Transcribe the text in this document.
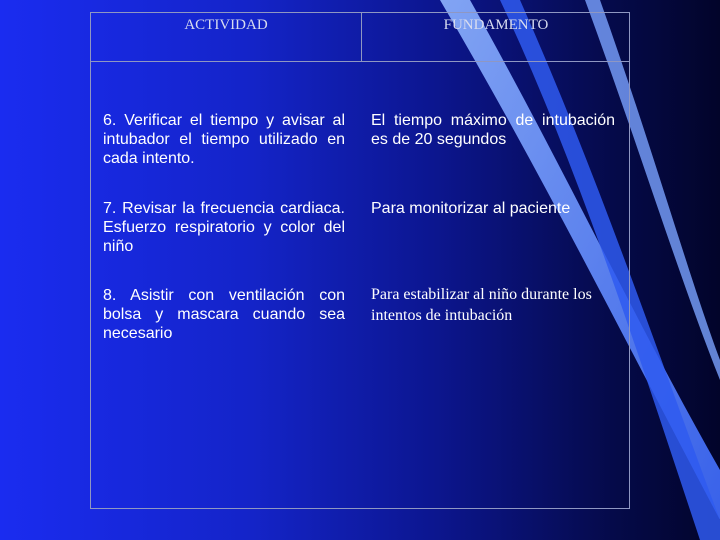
ACTIVIDAD	FUNDAMENTO
6. Verificar el tiempo y avisar al intubador el tiempo utilizado en cada intento.
El tiempo máximo de intubación es de 20 segundos
7. Revisar la frecuencia cardiaca. Esfuerzo respiratorio y color del niño
Para monitorizar al paciente
8. Asistir con ventilación con bolsa y mascara cuando sea necesario
Para estabilizar al niño durante los intentos de intubación
